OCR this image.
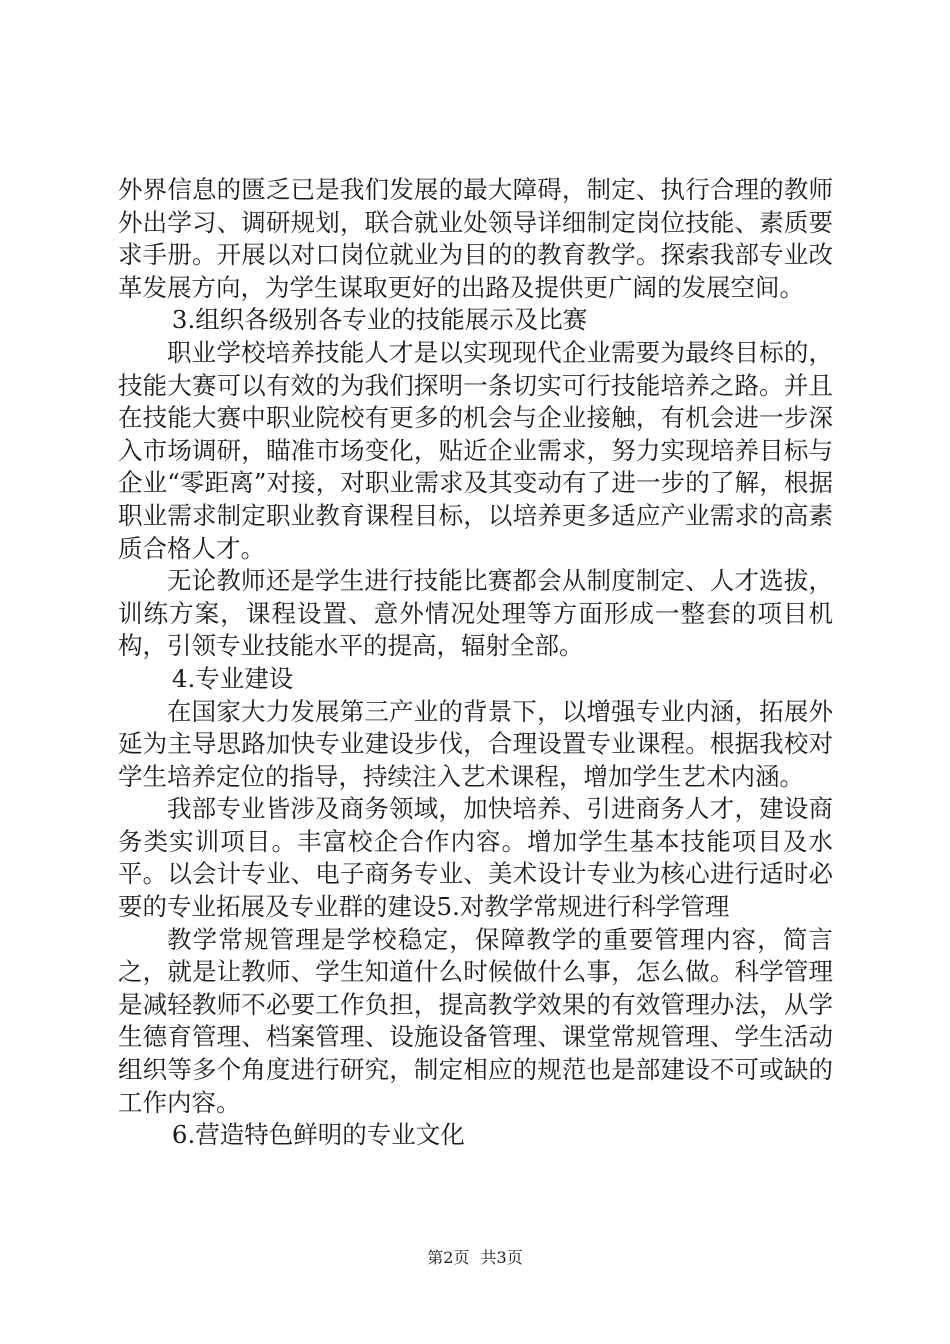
外界信息的匮乏已是我们发展的最大障碍，制定、执行合理的教师外出学习、调研规划，联合就业处领导详细制定岗位技能、素质要求手册。开展以对口岗位就业为目的的教育教学。探索我部专业改革发展方向，为学生谋取更好的出路及提供更广阔的发展空间。

3.组织各级别各专业的技能展示及比赛

职业学校培养技能人才是以实现现代企业需要为最终目标的，技能大赛可以有效的为我们探明一条切实可行技能培养之路。并且在技能大赛中职业院校有更多的机会与企业接触，有机会进一步深入市场调研，瞄准市场变化，贴近企业需求，努力实现培养目标与企业“零距离”对接，对职业需求及其变动有了进一步的了解，根据职业需求制定职业教育课程目标，以培养更多适应产业需求的高素质合格人才。

无论教师还是学生进行技能比赛都会从制度制定、人才选拔，训练方案，课程设置、意外情况处理等方面形成一整套的项目机构，引领专业技能水平的提高，辐射全部。

4.专业建设

在国家大力发展第三产业的背景下，以增强专业内涵，拓展外延为主导思路加快专业建设步伐，合理设置专业课程。根据我校对学生培养定位的指导，持续注入艺术课程，增加学生艺术内涵。

我部专业皆涉及商务领域，加快培养、引进商务人才，建设商务类实训项目。丰富校企合作内容。增加学生基本技能项目及水平。以会计专业、电子商务专业、美术设计专业为核心进行适时必要的专业拓展及专业群的建设5.对教学常规进行科学管理

教学常规管理是学校稳定，保障教学的重要管理内容，简言之，就是让教师、学生知道什么时候做什么事，怎么做。科学管理是减轻教师不必要工作负担，提高教学效果的有效管理办法，从学生德育管理、档案管理、设施设备管理、课堂常规管理、学生活动组织等多个角度进行研究，制定相应的规范也是部建设不可或缺的工作内容。

6.营造特色鲜明的专业文化

第2页 共3页
